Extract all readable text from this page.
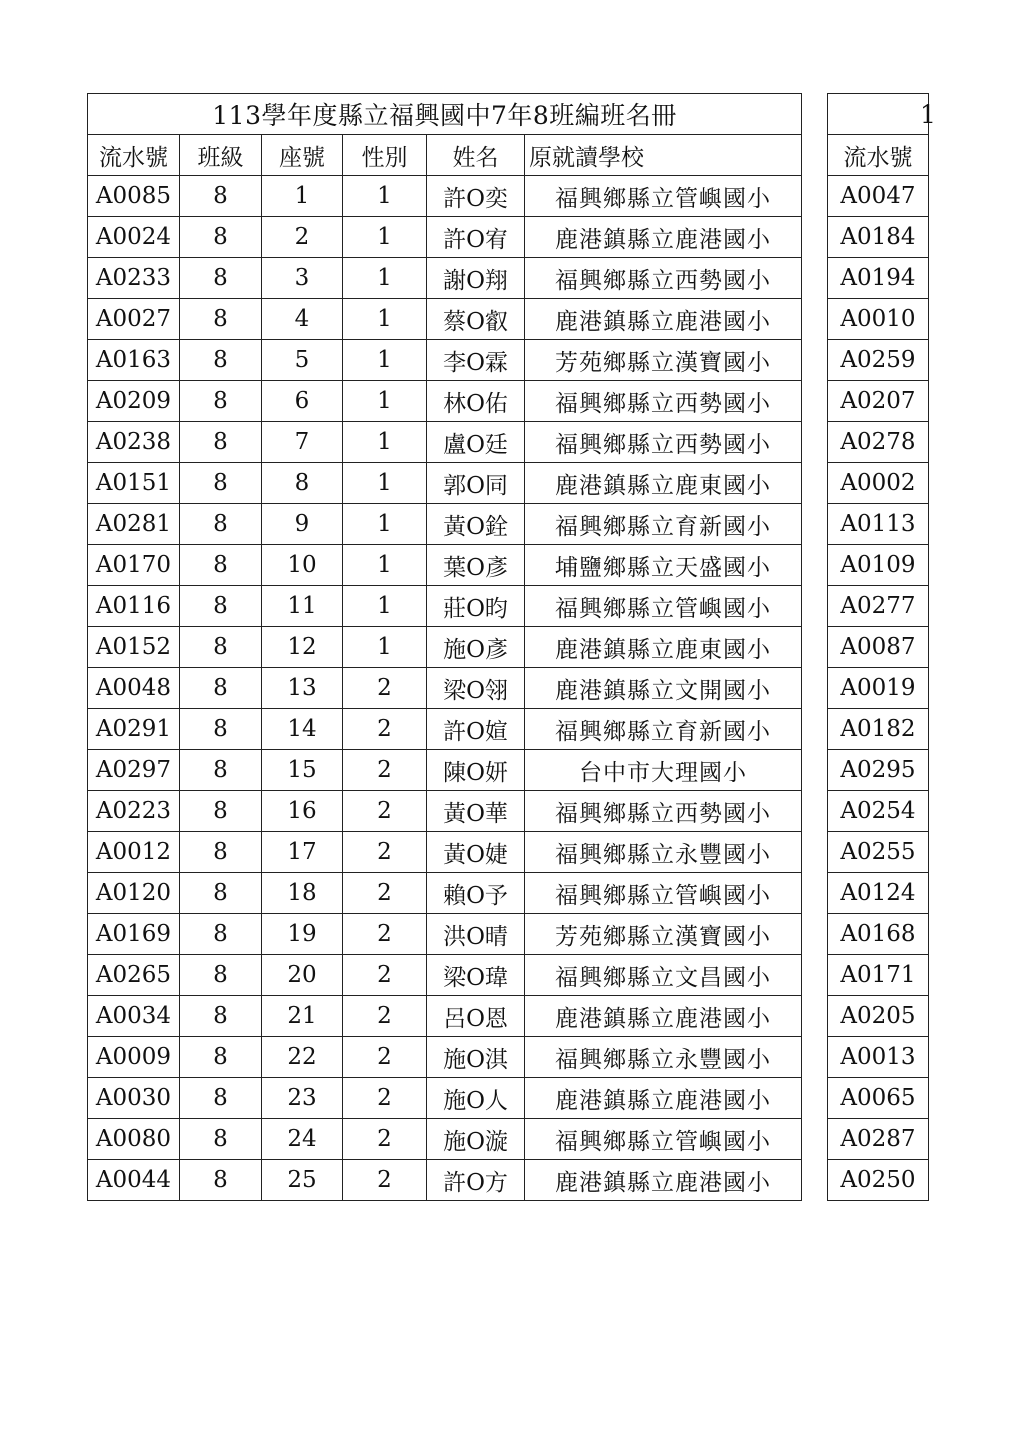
113學年度縣立福興國中7年8班編班名冊					
流水號	班級	座號	性別	姓名	原就讀學校
A0085	8	1	1	許O奕	福興鄉縣立管嶼國小
A0024	8	2	1	許O宥	鹿港鎮縣立鹿港國小
A0233	8	3	1	謝O翔	福興鄉縣立西勢國小
A0027	8	4	1	蔡O叡	鹿港鎮縣立鹿港國小
A0163	8	5	1	李O霖	芳苑鄉縣立漢寶國小
A0209	8	6	1	林O佑	福興鄉縣立西勢國小
A0238	8	7	1	盧O廷	福興鄉縣立西勢國小
A0151	8	8	1	郭O同	鹿港鎮縣立鹿東國小
A0281	8	9	1	黃O銓	福興鄉縣立育新國小
A0170	8	10	1	葉O彥	埔鹽鄉縣立天盛國小
A0116	8	11	1	莊O昀	福興鄉縣立管嶼國小
A0152	8	12	1	施O彥	鹿港鎮縣立鹿東國小
A0048	8	13	2	梁O翎	鹿港鎮縣立文開國小
A0291	8	14	2	許O媗	福興鄉縣立育新國小
A0297	8	15	2	陳O妍	台中市大理國小
A0223	8	16	2	黃O華	福興鄉縣立西勢國小
A0012	8	17	2	黃O婕	福興鄉縣立永豐國小
A0120	8	18	2	賴O予	福興鄉縣立管嶼國小
A0169	8	19	2	洪O晴	芳苑鄉縣立漢寶國小
A0265	8	20	2	梁O瑋	福興鄉縣立文昌國小
A0034	8	21	2	呂O恩	鹿港鎮縣立鹿港國小
A0009	8	22	2	施O淇	福興鄉縣立永豐國小
A0030	8	23	2	施O人	鹿港鎮縣立鹿港國小
A0080	8	24	2	施O漩	福興鄉縣立管嶼國小
A0044	8	25	2	許O方	鹿港鎮縣立鹿港國小
1
流水號
A0047
A0184
A0194
A0010
A0259
A0207
A0278
A0002
A0113
A0109
A0277
A0087
A0019
A0182
A0295
A0254
A0255
A0124
A0168
A0171
A0205
A0013
A0065
A0287
A0250
